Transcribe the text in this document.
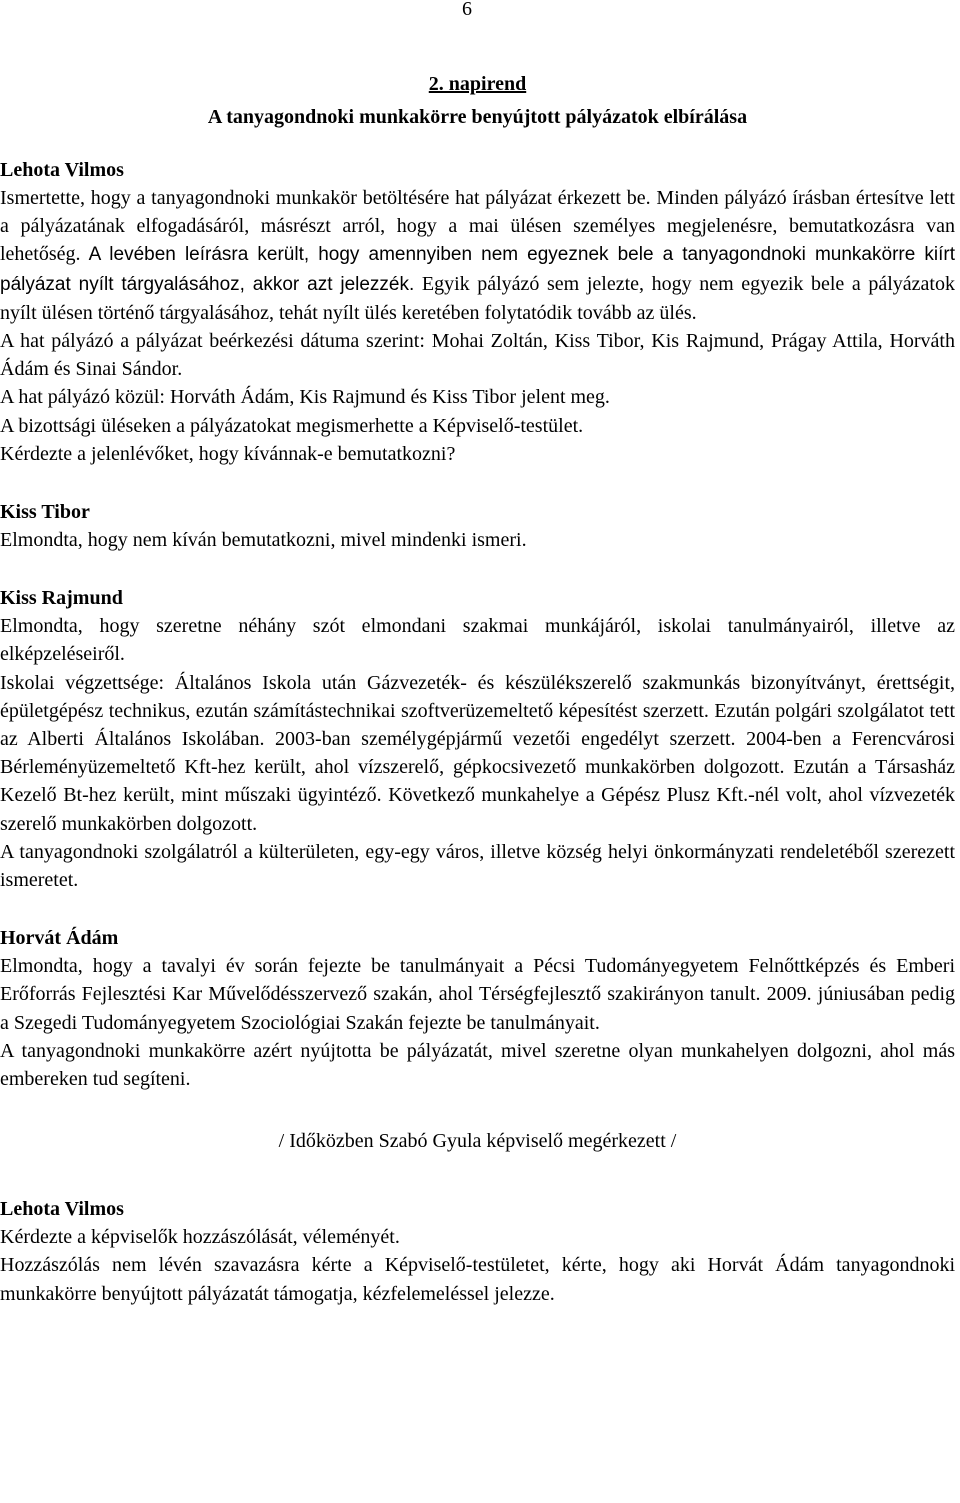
6
2. napirend
A tanyagondnoki munkakörre benyújtott pályázatok elbírálása
Lehota Vilmos

Ismertette, hogy a tanyagondnoki munkakör betöltésére hat pályázat érkezett be. Minden pályázó írásban értesítve lett a pályázatának elfogadásáról, másrészt arról, hogy a mai ülésen személyes megjelenésre, bemutatkozásra van lehetőség. A levében leírásra került, hogy amennyiben nem egyeznek bele a tanyagondnoki munkakörre kiírt pályázat nyílt tárgyalásához, akkor azt jelezzék. Egyik pályázó sem jelezte, hogy nem egyezik bele a pályázatok nyílt ülésen történő tárgyalásához, tehát nyílt ülés keretében folytatódik tovább az ülés.

A hat pályázó a pályázat beérkezési dátuma szerint: Mohai Zoltán, Kiss Tibor, Kis Rajmund, Prágay Attila, Horváth Ádám és Sinai Sándor.

A hat pályázó közül: Horváth Ádám, Kis Rajmund és Kiss Tibor jelent meg.

A bizottsági üléseken a pályázatokat megismerhette a Képviselő-testület.

Kérdezte a jelenlévőket, hogy kívánnak-e bemutatkozni?

Kiss Tibor

Elmondta, hogy nem kíván bemutatkozni, mivel mindenki ismeri.

Kiss Rajmund

Elmondta, hogy szeretne néhány szót elmondani szakmai munkájáról, iskolai tanulmányairól, illetve az elképzeléseiről.

Iskolai végzettsége: Általános Iskola után Gázvezeték- és készülékszerelő szakmunkás bizonyítványt, érettségit, épületgépész technikus, ezután számítástechnikai szoftverüzemeltető képesítést szerzett. Ezután polgári szolgálatot tett az Alberti Általános Iskolában. 2003-ban személygépjármű vezetői engedélyt szerzett. 2004-ben a Ferencvárosi Bérleményüzemeltető Kft-hez került, ahol vízszerelő, gépkocsivezető munkakörben dolgozott. Ezután a Társasház Kezelő Bt-hez került, mint műszaki ügyintéző. Következő munkahelye a Gépész Plusz Kft.-nél volt, ahol vízvezeték szerelő munkakörben dolgozott.

A tanyagondnoki szolgálatról a külterületen, egy-egy város, illetve község helyi önkormányzati rendeletéből szerezett ismeretet.

Horvát Ádám

Elmondta, hogy a tavalyi év során fejezte be tanulmányait a Pécsi Tudományegyetem Felnőttképzés és Emberi Erőforrás Fejlesztési Kar Művelődésszervező szakán, ahol Térségfejlesztő szakirányon tanult. 2009. júniusában pedig a Szegedi Tudományegyetem Szociológiai Szakán fejezte be tanulmányait.

A tanyagondnoki munkakörre azért nyújtotta be pályázatát, mivel szeretne olyan munkahelyen dolgozni, ahol más embereken tud segíteni.

/ Időközben Szabó Gyula képviselő megérkezett /
Lehota Vilmos

Kérdezte a képviselők hozzászólását, véleményét.

Hozzászólás nem lévén szavazásra kérte a Képviselő-testületet, kérte, hogy aki Horvát Ádám tanyagondnoki munkakörre benyújtott pályázatát támogatja, kézfelemeléssel jelezze.
